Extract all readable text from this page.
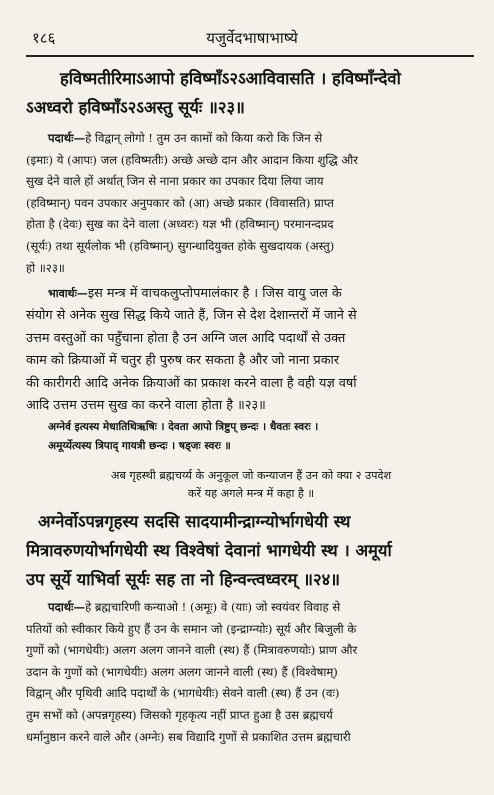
१८६	यजुर्वेदभाषाभाष्ये
हविष्मतीरिमाऽआपो हविष्माँऽ२ऽआविवासति । हविष्माँन्देवो
ऽअध्वरो हविष्माँऽ२ऽअस्तु सूर्यः ॥२३॥
पदार्थः—हे विद्वान् लोगो ! तुम उन कामों को किया करो कि जिन से
(इमाः) ये (आपः) जल (हविष्मतीः) अच्छे अच्छे दान और आदान किया शुद्धि और
सुख देने वाले हों अर्थात् जिन से नाना प्रकार का उपकार दिया लिया जाय
(हविष्मान्) पवन उपकार अनुपकार को (आ) अच्छे प्रकार (विवासति) प्राप्त
होता है (देवः) सुख का देने वाला (अध्वरः) यज्ञ भी (हविष्मान्) परमानन्दप्रद
(सूर्यः) तथा सूर्यलोक भी (हविष्मान्) सुगन्धादियुक्त होके सुखदायक (अस्तु)
हो ॥२३॥
भावार्थः—इस मन्त्र में वाचकलुप्तोपमालंकार है । जिस वायु जल के
संयोग से अनेक सुख सिद्ध किये जाते हैं, जिन से देश देशान्तरों में जाने से
उत्तम वस्तुओं का पहुँचाना होता है उन अग्नि जल आदि पदार्थों से उक्त
काम को क्रियाओं में चतुर ही पुरुष कर सकता है और जो नाना प्रकार
की कारीगरी आदि अनेक क्रियाओं का प्रकाश करने वाला है वही यज्ञ वर्षा
आदि उत्तम उत्तम सुख का करने वाला होता है ॥२३॥
अग्नेर्व इत्यस्य मेधातिथिऋषिः । देवता आपो त्रिष्टुप् छन्दः । धैवतः स्वरः ।
अमूर्य्येत्यस्य त्रिपाद् गायत्री छन्दः । षड्जः स्वरः ॥
अब गृहस्थी ब्रह्मचर्य्य के अनुकूल जो कन्याजन हैं उन को क्या २ उपदेश
करें यह अगले मन्त्र में कहा है ॥
अग्नेर्वोऽपन्नगृहस्य सदसि सादयामीन्द्राग्न्योर्भागधेयी स्थ
मित्रावरुणयोर्भागधेयी स्थ विश्वेषां देवानां भागधेयी स्थ । अमूर्या
उप सूर्ये याभिर्वा सूर्यः सह ता नो हिन्वन्त्वध्वरम् ॥२४॥
पदार्थः—हे ब्रह्मचारिणी कन्याओ ! (अमूः) वे (याः) जो स्वयंवर विवाह से
पतियों को स्वीकार किये हुए हैं उन के समान जो (इन्द्राग्न्योः) सूर्य और बिजुली के
गुणों को (भागधेयीः) अलग अलग जानने वाली (स्थ) हैं (मित्रावरुणयोः) प्राण और
उदान के गुणों को (भागधेयीः) अलग अलग जानने वाली (स्थ) हैं (विश्वेषाम्)
विद्वान् और पृथिवी आदि पदार्थों के (भागधेयीः) सेवने वाली (स्थ) हैं उन (वः)
तुम सभों को (अपन्नगृहस्य) जिसको गृहकृत्य नहीं प्राप्त हुआ है उस ब्रह्मचर्य
धर्मानुष्ठान करने वाले और (अग्नेः) सब विद्यादि गुणों से प्रकाशित उत्तम ब्रह्मचारी
